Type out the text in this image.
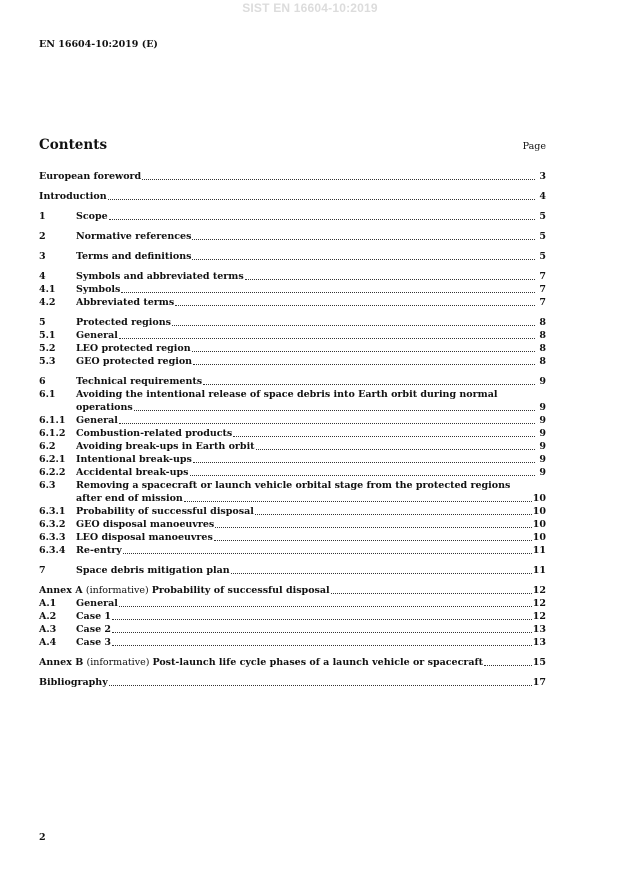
SIST EN 16604-10:2019
EN 16604-10:2019 (E)
Contents	Page
European foreword	3
Introduction	4
1	Scope	5
2	Normative references	5
3	Terms and definitions	5
4	Symbols and abbreviated terms	7
4.1	Symbols	7
4.2	Abbreviated terms	7
5	Protected regions	8
5.1	General	8
5.2	LEO protected region	8
5.3	GEO protected region	8
6	Technical requirements	9
6.1 Avoiding the intentional release of space debris into Earth orbit during normal
operations	9
6.1.1	General	9
6.1.2	Combustion-related products	9
6.2	Avoiding break-ups in Earth orbit	9
6.2.1	Intentional break-ups	9
6.2.2	Accidental break-ups	9
6.3 Removing a spacecraft or launch vehicle orbital stage from the protected regions
after end of mission	10
6.3.1	Probability of successful disposal	10
6.3.2	GEO disposal manoeuvres	10
6.3.3	LEO disposal manoeuvres	10
6.3.4	Re-entry	11
7	Space debris mitigation plan	11
Annex A (informative) Probability of successful disposal	12
A.1	General	12
A.2	Case 1	12
A.3	Case 2	13
A.4	Case 3	13
Annex B (informative) Post-launch life cycle phases of a launch vehicle or spacecraft	15
Bibliography	17
2
